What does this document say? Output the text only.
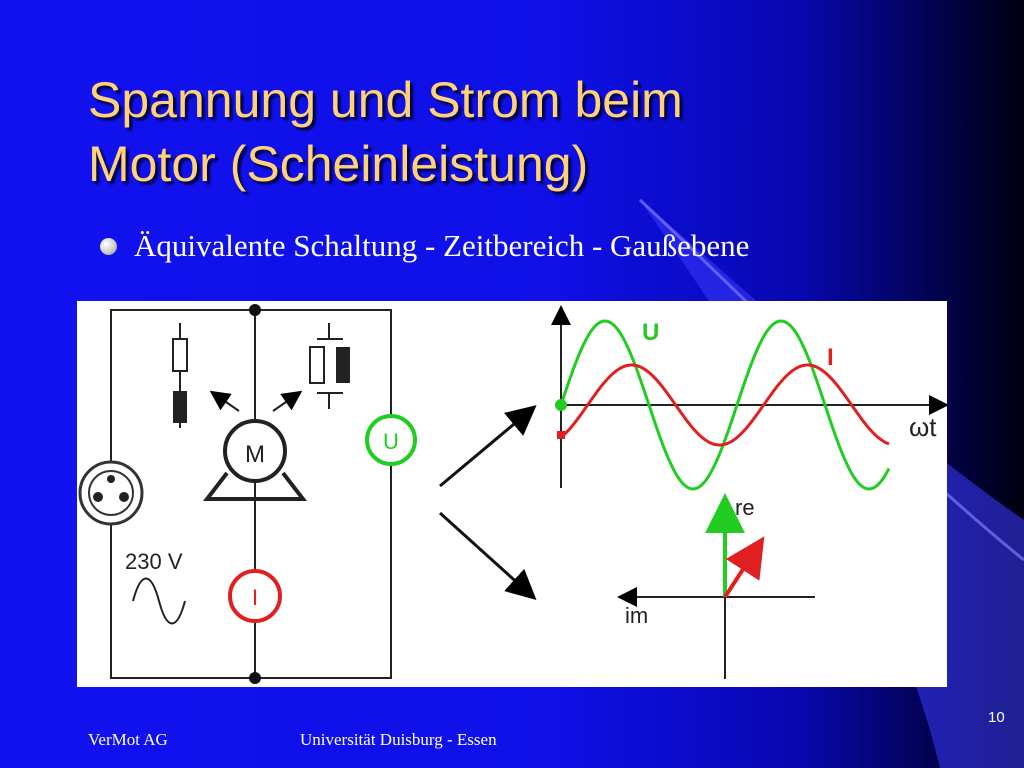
Spannung und Strom beim
Motor (Scheinleistung)
Äquivalente Schaltung - Zeitbereich - Gaußebene
M	U
I
230 V
U
I
ωt
re
im
VerMot AG	Universität Duisburg - Essen
10
